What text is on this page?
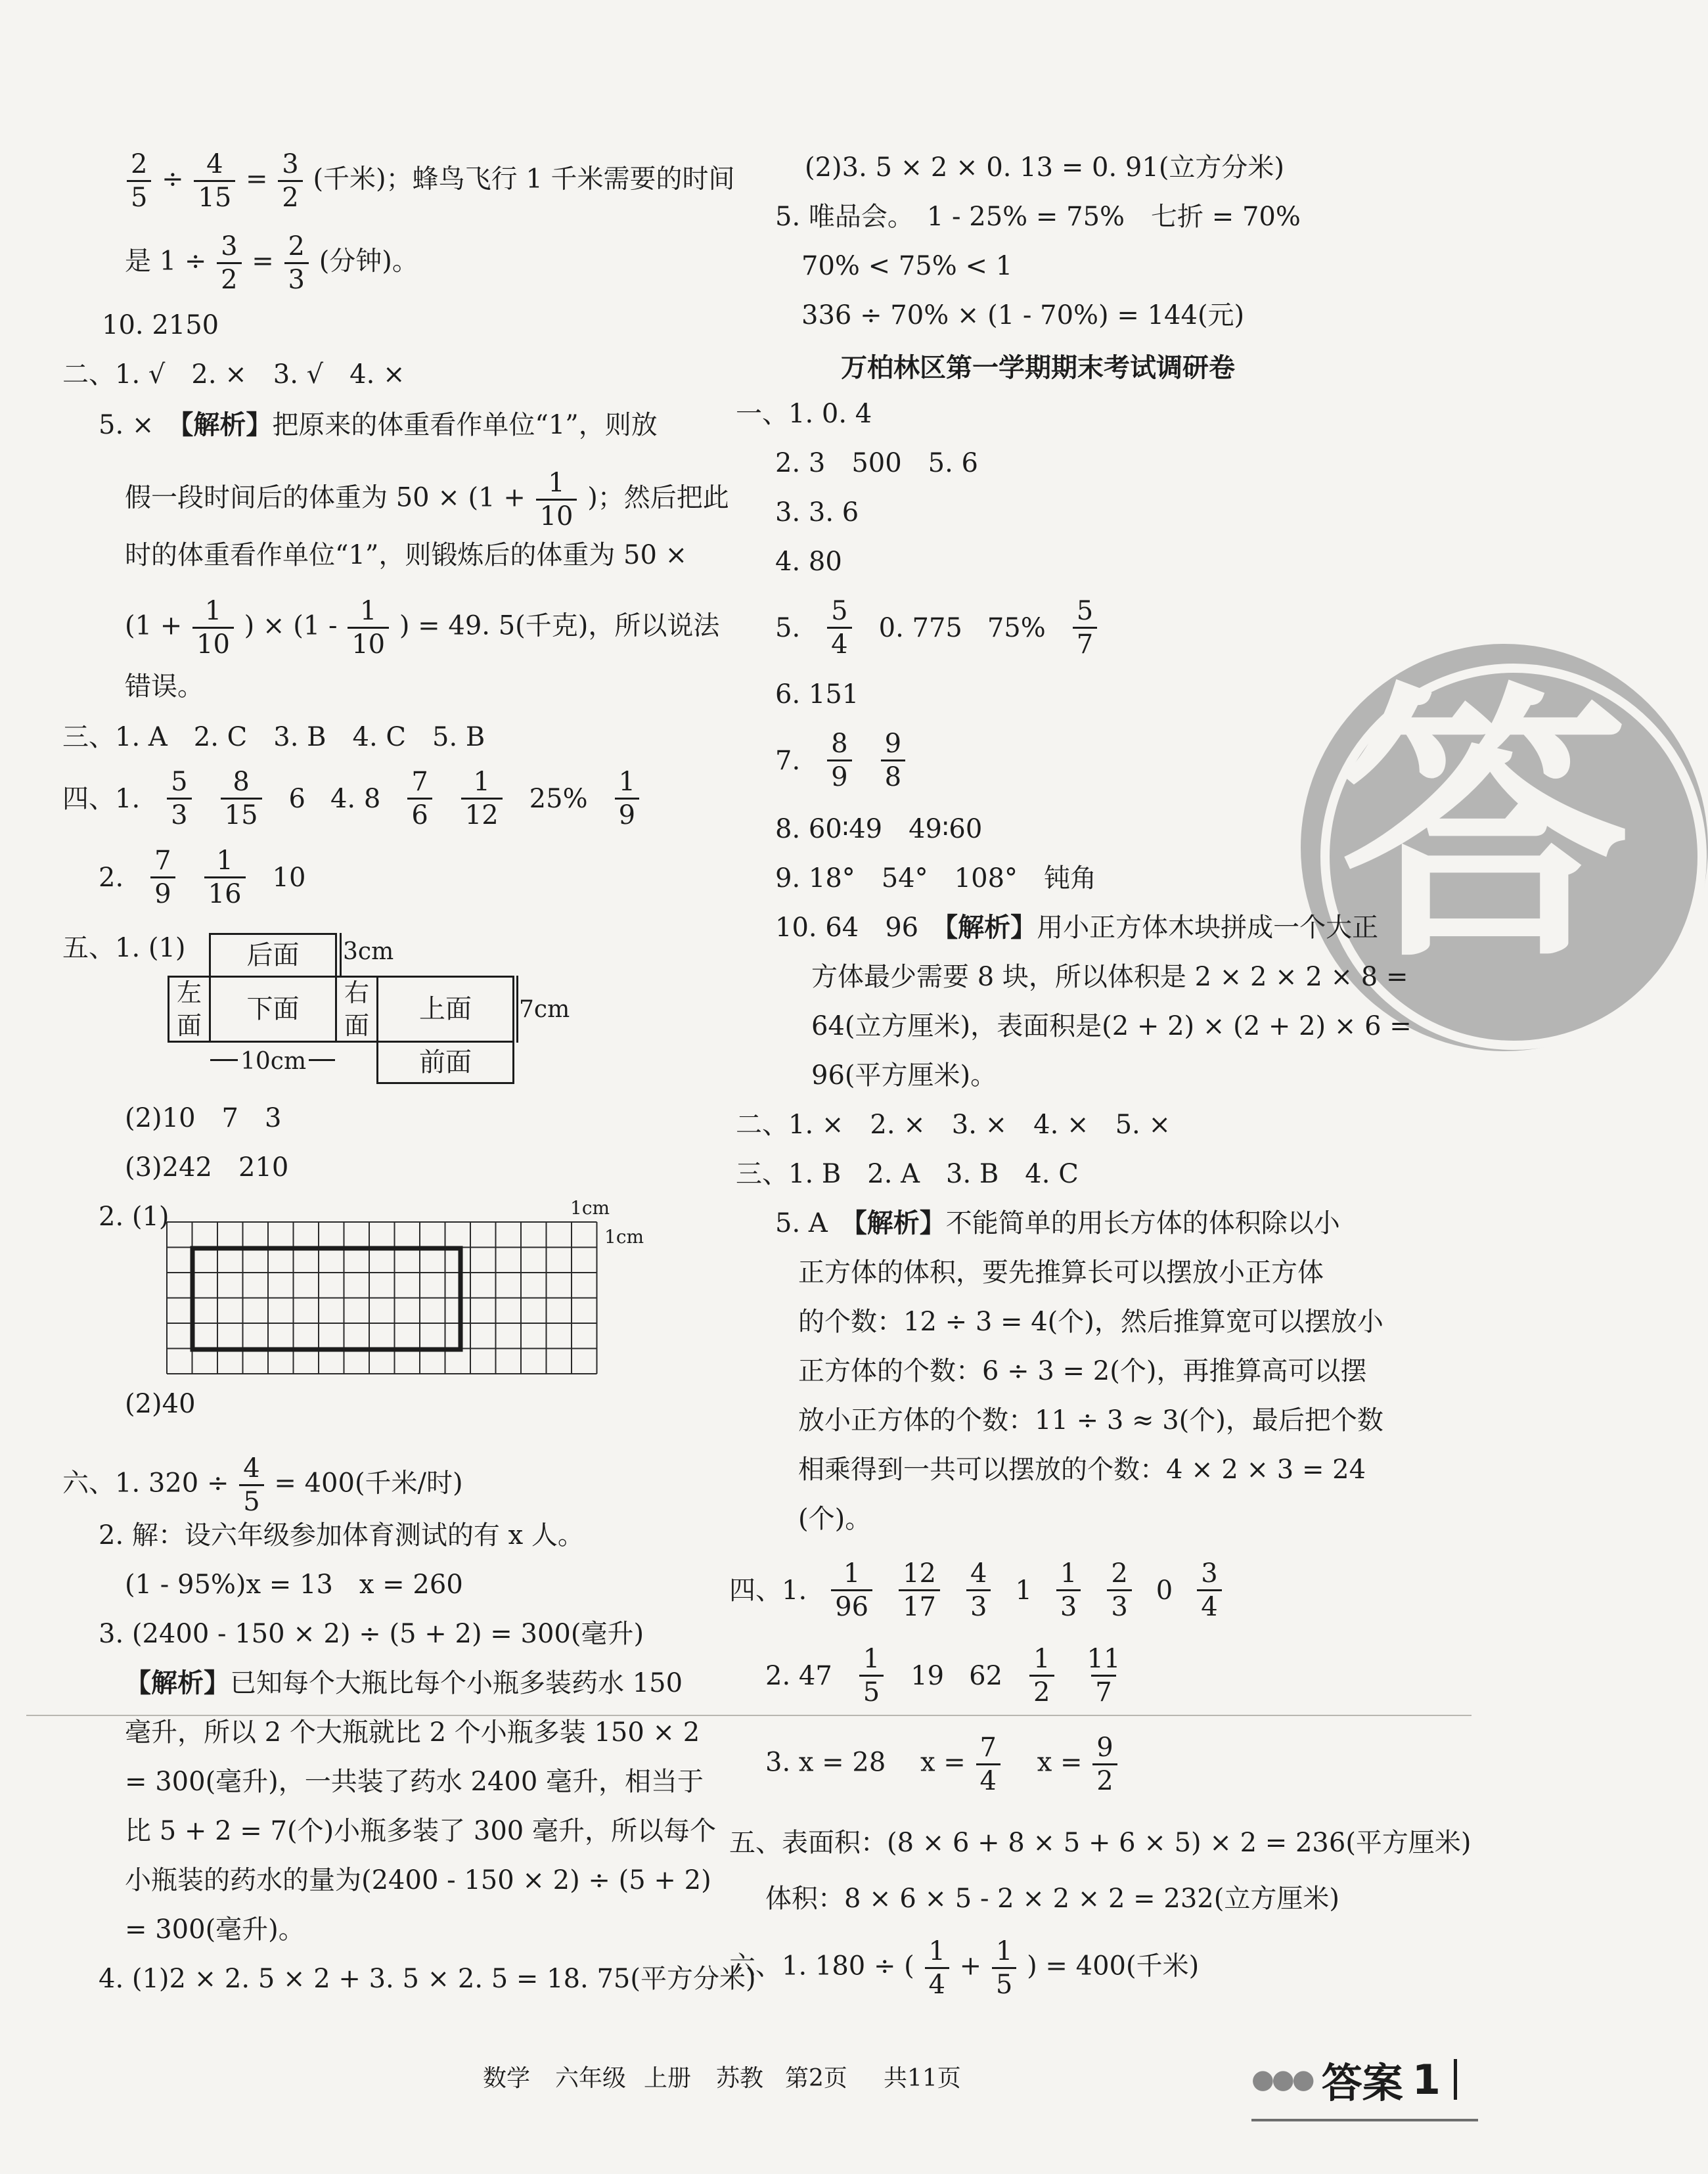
答
$\frac{2}{5} \div \frac{4}{15} = \frac{3}{2}$ (千米)；蜂鸟飞行 1 千米需要的时间
是 $1 \div \frac{3}{2} = \frac{2}{3}$ (分钟)。
10. 2150
二、1. √　2. ×　3. √　4. ×
5. ×　 【解析】把原来的体重看作单位“1”，则放
假一段时间后的体重为 $50 \times (1 + \frac{1}{10}$ )；然后把此
时的体重看作单位“1”，则锻炼后的体重为 50 ×
($1 + \frac{1}{10}$ ) × ($1 - \frac{1}{10}$ ) = 49. 5(千克)，所以说法
错误。
三、1. A　2. C　3. B　4. C　5. B
四、1. $\frac{5}{3} \frac{8}{15} 6$ 4. $8 \frac{7}{6} \frac{1}{12} 25\% \frac{1}{9}$
2. $\frac{7}{9} \frac{1}{16} 10$
五、1. (1)	后面
左面
下面
右面
上面
前面
3cm
7cm
10cm
(2)10　7　3
(3)242　210
2. (1)	1cm
1cm
(2)40
六、1. $320 \div \frac{4}{5} = 400$(千米/时)
2. 解：设六年级参加体育测试的有 x 人。
(1 - 95%)x = 13　x = 260
3. (2400 - 150 × 2) ÷ (5 + 2) = 300(毫升)
【解析】已知每个大瓶比每个小瓶多装药水 150
毫升，所以 2 个大瓶就比 2 个小瓶多装 150 × 2
= 300(毫升)，一共装了药水 2400 毫升，相当于
比 5 + 2 = 7(个)小瓶多装了 300 毫升，所以每个
小瓶装的药水的量为(2400 - 150 × 2) ÷ (5 + 2)
= 300(毫升)。
4. (1)2 × 2. 5 × 2 + 3. 5 × 2. 5 = 18. 75(平方分米)
(2)3. 5 × 2 × 0. 13 = 0. 91(立方分米)
5. 唯品会。　1 - 25% = 75%　七折 = 70%
70% < 75% < 1
336 ÷ 70% × (1 - 70%) = 144(元)
万柏林区第一学期期末考试调研卷
一、1. 0. 4
2. 3　500　5. 6
3. 3. 6
4. 80
5. $\frac{5}{4} 0$. 775 $75\% \frac{5}{7}$
6. 151
7. $\frac{8}{9} \frac{9}{8}$
8. 60∶49　49∶60
9. 18°　54°　108°　钝角
10. 64　96　 【解析】用小正方体木块拼成一个大正
方体最少需要 8 块，所以体积是 2 × 2 × 2 × 8 =
64(立方厘米)，表面积是(2 + 2) × (2 + 2) × 6 =
96(平方厘米)。
二、1. ×　2. ×　3. ×　4. ×　5. ×
三、1. B　2. A　3. B　4. C
5. A　 【解析】不能简单的用长方体的体积除以小
正方体的体积，要先推算长可以摆放小正方体
的个数：12 ÷ 3 = 4(个)，然后推算宽可以摆放小
正方体的个数：6 ÷ 3 = 2(个)，再推算高可以摆
放小正方体的个数：11 ÷ 3 ≈ 3(个)，最后把个数
相乘得到一共可以摆放的个数：4 × 2 × 3 = 24
(个)。
四、1. $\frac{1}{96} \frac{12}{17} \frac{4}{3} 1 \frac{1}{3} \frac{2}{3} 0 \frac{3}{4}$
2. $47 \frac{1}{5} 19$ $62 \frac{1}{2} \frac{11}{7}$
3. x = 28　 $x = \frac{7}{4}$
　 $x = \frac{9}{2}$
五、表面积：(8 × 6 + 8 × 5 + 6 × 5) × 2 = 236(平方厘米)
体积：8 × 6 × 5 - 2 × 2 × 2 = 232(立方厘米)
六、1. 180 ÷ ( $\frac{1}{4} + \frac{1}{5}$ ) = 400(千米)
数学 六年级 上册 苏教 第2页 共11页	●●● 答案 1
